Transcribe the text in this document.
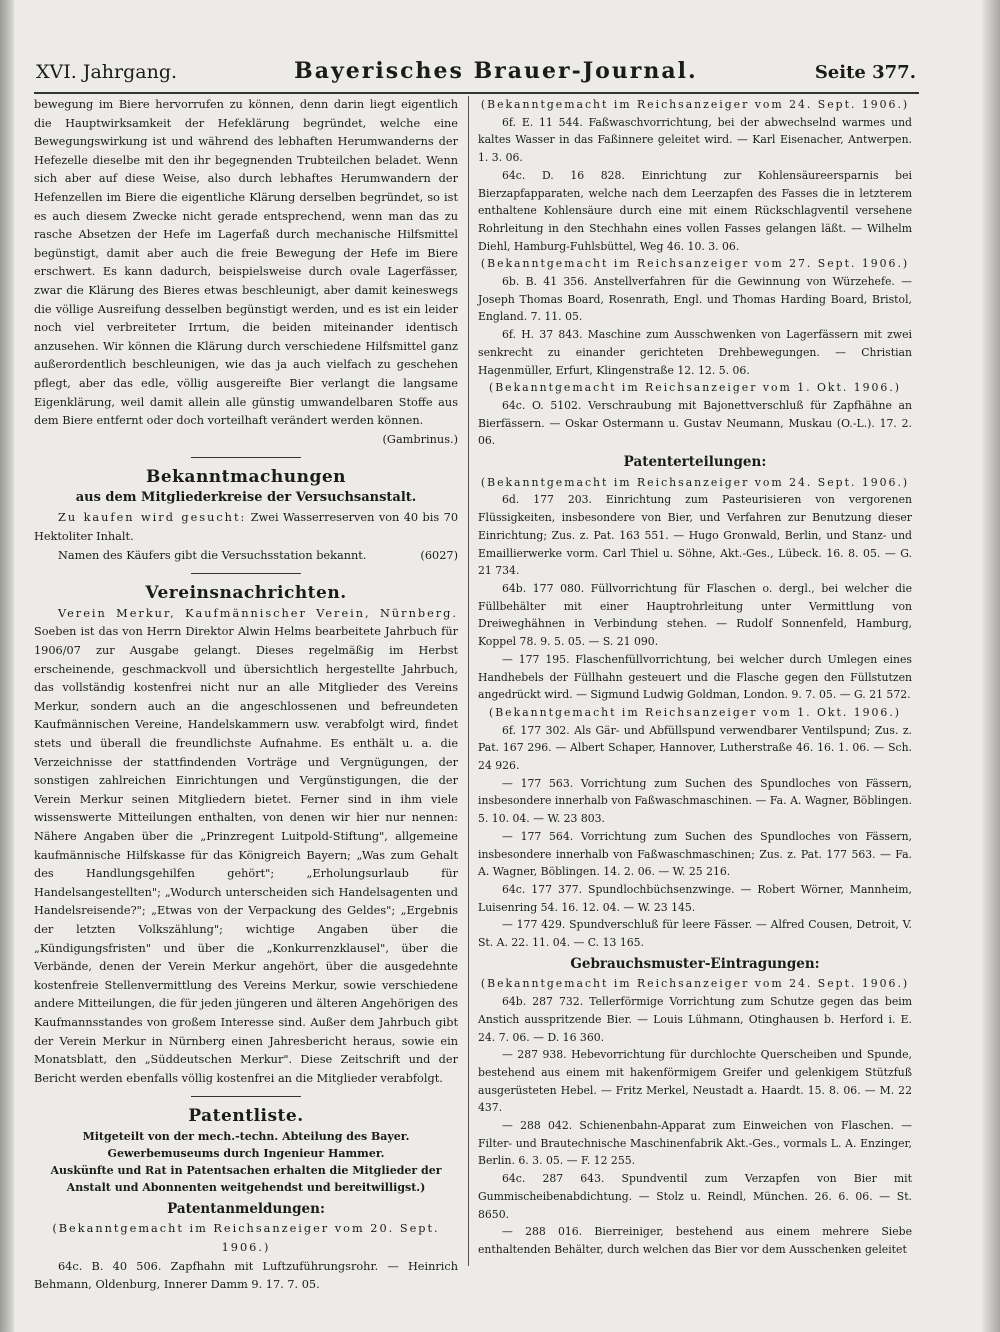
XVI. Jahrgang.	Bayerisches Brauer-Journal.	Seite 377.

bewegung im Biere hervorrufen zu können, denn darin liegt eigentlich die Hauptwirksamkeit der Hefeklärung begründet, welche eine Bewegungswirkung ist und während des lebhaften Herumwanderns der Hefezelle dieselbe mit den ihr begegnenden Trubteilchen beladet. Wenn sich aber auf diese Weise, also durch lebhaftes Herumwandern der Hefenzellen im Biere die eigentliche Klärung derselben begründet, so ist es auch diesem Zwecke nicht gerade entsprechend, wenn man das zu rasche Absetzen der Hefe im Lagerfaß durch mechanische Hilfsmittel begünstigt, damit aber auch die freie Bewegung der Hefe im Biere erschwert. Es kann dadurch, beispielsweise durch ovale Lagerfässer, zwar die Klärung des Bieres etwas beschleunigt, aber damit keineswegs die völlige Ausreifung desselben begünstigt werden, und es ist ein leider noch viel verbreiteter Irrtum, die beiden miteinander identisch anzusehen. Wir können die Klärung durch verschiedene Hilfsmittel ganz außerordentlich beschleunigen, wie das ja auch vielfach zu geschehen pflegt, aber das edle, völlig ausgereifte Bier verlangt die langsame Eigenklärung, weil damit allein alle günstig umwandelbaren Stoffe aus dem Biere entfernt oder doch vorteilhaft verändert werden können.

(Gambrinus.)

Bekanntmachungen
aus dem Mitgliederkreise der Versuchsanstalt.

Zu kaufen wird gesucht: Zwei Wasserreserven von 40 bis 70 Hektoliter Inhalt.

Namen des Käufers gibt die Versuchsstation bekannt.	(6027)

Vereinsnachrichten.

Verein Merkur, Kaufmännischer Verein, Nürnberg. Soeben ist das von Herrn Direktor Alwin Helms bearbeitete Jahrbuch für 1906/07 zur Ausgabe gelangt. Dieses regelmäßig im Herbst erscheinende, geschmackvoll und übersichtlich hergestellte Jahrbuch, das vollständig kostenfrei nicht nur an alle Mitglieder des Vereins Merkur, sondern auch an die angeschlossenen und befreundeten Kaufmännischen Vereine, Handelskammern usw. verabfolgt wird, findet stets und überall die freundlichste Aufnahme. Es enthält u. a. die Verzeichnisse der stattfindenden Vorträge und Vergnügungen, der sonstigen zahlreichen Einrichtungen und Vergünstigungen, die der Verein Merkur seinen Mitgliedern bietet. Ferner sind in ihm viele wissenswerte Mitteilungen enthalten, von denen wir hier nur nennen: Nähere Angaben über die „Prinzregent Luitpold-Stiftung", allgemeine kaufmännische Hilfskasse für das Königreich Bayern; „Was zum Gehalt des Handlungsgehilfen gehört"; „Erholungsurlaub für Handelsangestellten"; „Wodurch unterscheiden sich Handelsagenten und Handelsreisende?"; „Etwas von der Verpackung des Geldes"; „Ergebnis der letzten Volkszählung"; wichtige Angaben über die „Kündigungsfristen" und über die „Konkurrenzklausel", über die Verbände, denen der Verein Merkur angehört, über die ausgedehnte kostenfreie Stellenvermittlung des Vereins Merkur, sowie verschiedene andere Mitteilungen, die für jeden jüngeren und älteren Angehörigen des Kaufmannsstandes von großem Interesse sind. Außer dem Jahrbuch gibt der Verein Merkur in Nürnberg einen Jahresbericht heraus, sowie ein Monatsblatt, den „Süddeutschen Merkur". Diese Zeitschrift und der Bericht werden ebenfalls völlig kostenfrei an die Mitglieder verabfolgt.

Patentliste.

Mitgeteilt von der mech.-techn. Abteilung des Bayer. Gewerbemuseums durch Ingenieur Hammer.

Auskünfte und Rat in Patentsachen erhalten die Mitglieder der Anstalt und Abonnenten weitgehendst und bereitwilligst.)

Patentanmeldungen:

(Bekanntgemacht im Reichsanzeiger vom 20. Sept. 1906.)

64c. B. 40 506. Zapfhahn mit Luftzuführungsrohr. — Heinrich Behmann, Oldenburg, Innerer Damm 9. 17. 7. 05.

(Bekanntgemacht im Reichsanzeiger vom 24. Sept. 1906.)

6f. E. 11 544. Faßwaschvorrichtung, bei der abwechselnd warmes und kaltes Wasser in das Faßinnere geleitet wird. — Karl Eisenacher, Antwerpen. 1. 3. 06.

64c. D. 16 828. Einrichtung zur Kohlensäureersparnis bei Bierzapfapparaten, welche nach dem Leerzapfen des Fasses die in letzterem enthaltene Kohlensäure durch eine mit einem Rückschlagventil versehene Rohrleitung in den Stechhahn eines vollen Fasses gelangen läßt. — Wilhelm Diehl, Hamburg-Fuhlsbüttel, Weg 46. 10. 3. 06.

(Bekanntgemacht im Reichsanzeiger vom 27. Sept. 1906.)

6b. B. 41 356. Anstellverfahren für die Gewinnung von Würzehefe. — Joseph Thomas Board, Rosenrath, Engl. und Thomas Harding Board, Bristol, England. 7. 11. 05.

6f. H. 37 843. Maschine zum Ausschwenken von Lagerfässern mit zwei senkrecht zu einander gerichteten Drehbewegungen. — Christian Hagenmüller, Erfurt, Klingenstraße 12. 12. 5. 06.

(Bekanntgemacht im Reichsanzeiger vom 1. Okt. 1906.)

64c. O. 5102. Verschraubung mit Bajonettverschluß für Zapfhähne an Bierfässern. — Oskar Ostermann u. Gustav Neumann, Muskau (O.-L.). 17. 2. 06.

Patenterteilungen:

(Bekanntgemacht im Reichsanzeiger vom 24. Sept. 1906.)

6d. 177 203. Einrichtung zum Pasteurisieren von vergorenen Flüssigkeiten, insbesondere von Bier, und Verfahren zur Benutzung dieser Einrichtung; Zus. z. Pat. 163 551. — Hugo Gronwald, Berlin, und Stanz- und Emaillierwerke vorm. Carl Thiel u. Söhne, Akt.-Ges., Lübeck. 16. 8. 05. — G. 21 734.

64b. 177 080. Füllvorrichtung für Flaschen o. dergl., bei welcher die Füllbehälter mit einer Hauptrohrleitung unter Vermittlung von Dreiweghähnen in Verbindung stehen. — Rudolf Sonnenfeld, Hamburg, Koppel 78. 9. 5. 05. — S. 21 090.

— 177 195. Flaschenfüllvorrichtung, bei welcher durch Umlegen eines Handhebels der Füllhahn gesteuert und die Flasche gegen den Füllstutzen angedrückt wird. — Sigmund Ludwig Goldman, London. 9. 7. 05. — G. 21 572.

(Bekanntgemacht im Reichsanzeiger vom 1. Okt. 1906.)

6f. 177 302. Als Gär- und Abfüllspund verwendbarer Ventilspund; Zus. z. Pat. 167 296. — Albert Schaper, Hannover, Lutherstraße 46. 16. 1. 06. — Sch. 24 926.

— 177 563. Vorrichtung zum Suchen des Spundloches von Fässern, insbesondere innerhalb von Faßwaschmaschinen. — Fa. A. Wagner, Böblingen. 5. 10. 04. — W. 23 803.

— 177 564. Vorrichtung zum Suchen des Spundloches von Fässern, insbesondere innerhalb von Faßwaschmaschinen; Zus. z. Pat. 177 563. — Fa. A. Wagner, Böblingen. 14. 2. 06. — W. 25 216.

64c. 177 377. Spundlochbüchsenzwinge. — Robert Wörner, Mannheim, Luisenring 54. 16. 12. 04. — W. 23 145.

— 177 429. Spundverschluß für leere Fässer. — Alfred Cousen, Detroit, V. St. A. 22. 11. 04. — C. 13 165.

Gebrauchsmuster-Eintragungen:

(Bekanntgemacht im Reichsanzeiger vom 24. Sept. 1906.)

64b. 287 732. Tellerförmige Vorrichtung zum Schutze gegen das beim Anstich ausspritzende Bier. — Louis Lühmann, Otinghausen b. Herford i. E. 24. 7. 06. — D. 16 360.

— 287 938. Hebevorrichtung für durchlochte Querscheiben und Spunde, bestehend aus einem mit hakenförmigem Greifer und gelenkigem Stützfuß ausgerüsteten Hebel. — Fritz Merkel, Neustadt a. Haardt. 15. 8. 06. — M. 22 437.

— 288 042. Schienenbahn-Apparat zum Einweichen von Flaschen. — Filter- und Brautechnische Maschinenfabrik Akt.-Ges., vormals L. A. Enzinger, Berlin. 6. 3. 05. — F. 12 255.

64c. 287 643. Spundventil zum Verzapfen von Bier mit Gummischeibenabdichtung. — Stolz u. Reindl, München. 26. 6. 06. — St. 8650.

— 288 016. Bierreiniger, bestehend aus einem mehrere Siebe enthaltenden Behälter, durch welchen das Bier vor dem Ausschenken geleitet
